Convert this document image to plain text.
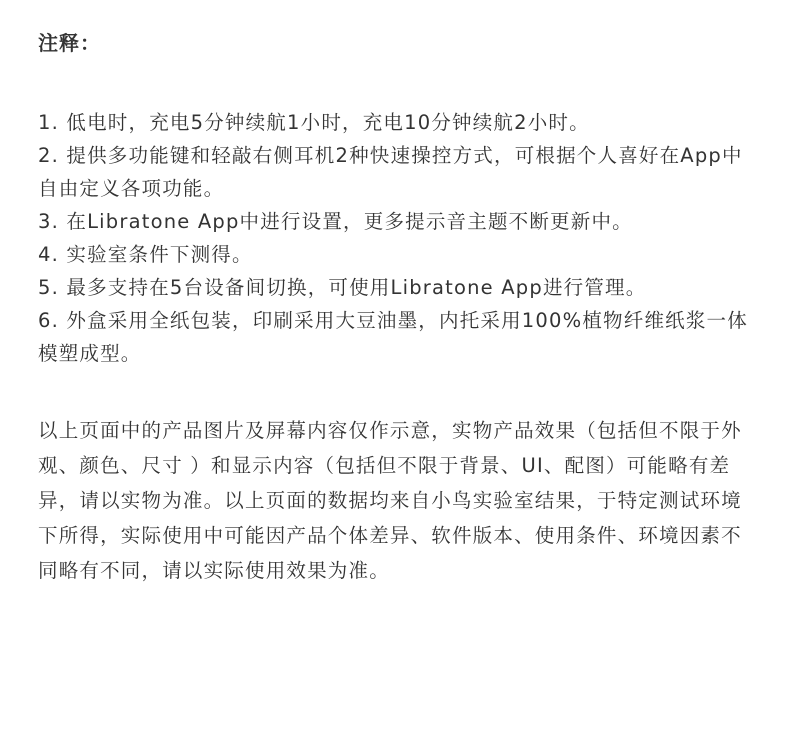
注释：

1. 低电时，充电5分钟续航1小时，充电10分钟续航2小时。
2. 提供多功能键和轻敲右侧耳机2种快速操控方式，可根据个人喜好在App中自由定义各项功能。
3. 在Libratone App中进行设置，更多提示音主题不断更新中。
4. 实验室条件下测得。
5. 最多支持在5台设备间切换，可使用Libratone App进行管理。
6. 外盒采用全纸包装，印刷采用大豆油墨，内托采用100%植物纤维纸浆一体模塑成型。

以上页面中的产品图片及屏幕内容仅作示意，实物产品效果（包括但不限于外观、颜色、尺寸 ）和显示内容（包括但不限于背景、UI、配图）可能略有差异，请以实物为准。以上页面的数据均来自小鸟实验室结果，于特定测试环境下所得，实际使用中可能因产品个体差异、软件版本、使用条件、环境因素不同略有不同，请以实际使用效果为准。
